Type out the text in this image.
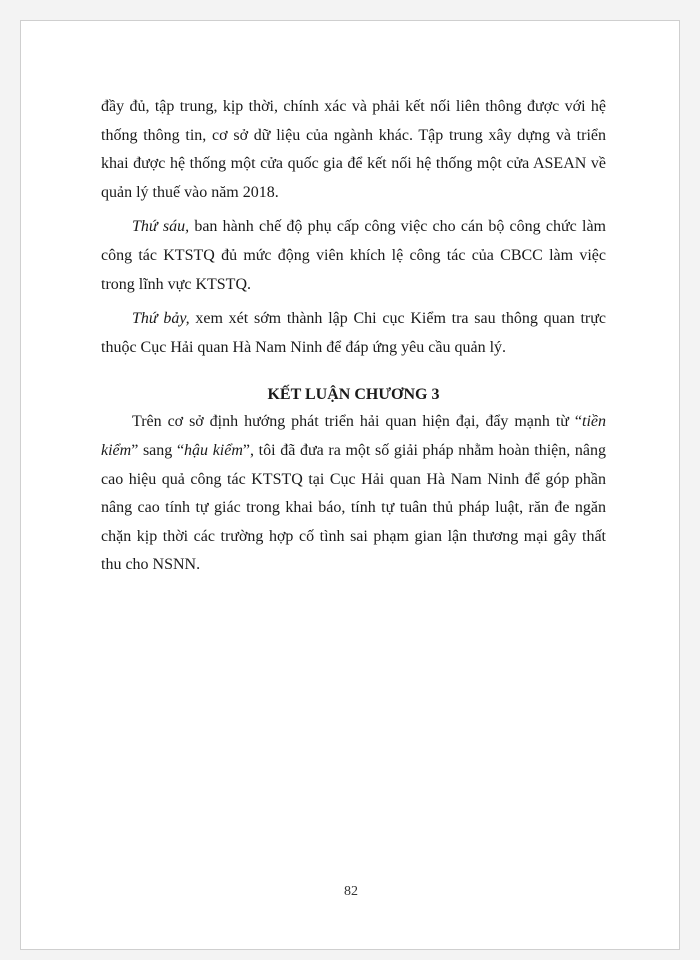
đầy đủ, tập trung, kịp thời, chính xác và phải kết nối liên thông được với hệ thống thông tin, cơ sở dữ liệu của ngành khác. Tập trung xây dựng và triển khai được hệ thống một cửa quốc gia để kết nối hệ thống một cửa ASEAN về quản lý thuế vào năm 2018.

Thứ sáu, ban hành chế độ phụ cấp công việc cho cán bộ công chức làm công tác KTSTQ đủ mức động viên khích lệ công tác của CBCC làm việc trong lĩnh vực KTSTQ.

Thứ bảy, xem xét sớm thành lập Chi cục Kiểm tra sau thông quan trực thuộc Cục Hải quan Hà Nam Ninh để đáp ứng yêu cầu quản lý.

KẾT LUẬN CHƯƠNG 3

Trên cơ sở định hướng phát triển hải quan hiện đại, đẩy mạnh từ “tiền kiểm” sang “hậu kiểm”, tôi đã đưa ra một số giải pháp nhằm hoàn thiện, nâng cao hiệu quả công tác KTSTQ tại Cục Hải quan Hà Nam Ninh để góp phần nâng cao tính tự giác trong khai báo, tính tự tuân thủ pháp luật, răn đe ngăn chặn kịp thời các trường hợp cố tình sai phạm gian lận thương mại gây thất thu cho NSNN.

82
